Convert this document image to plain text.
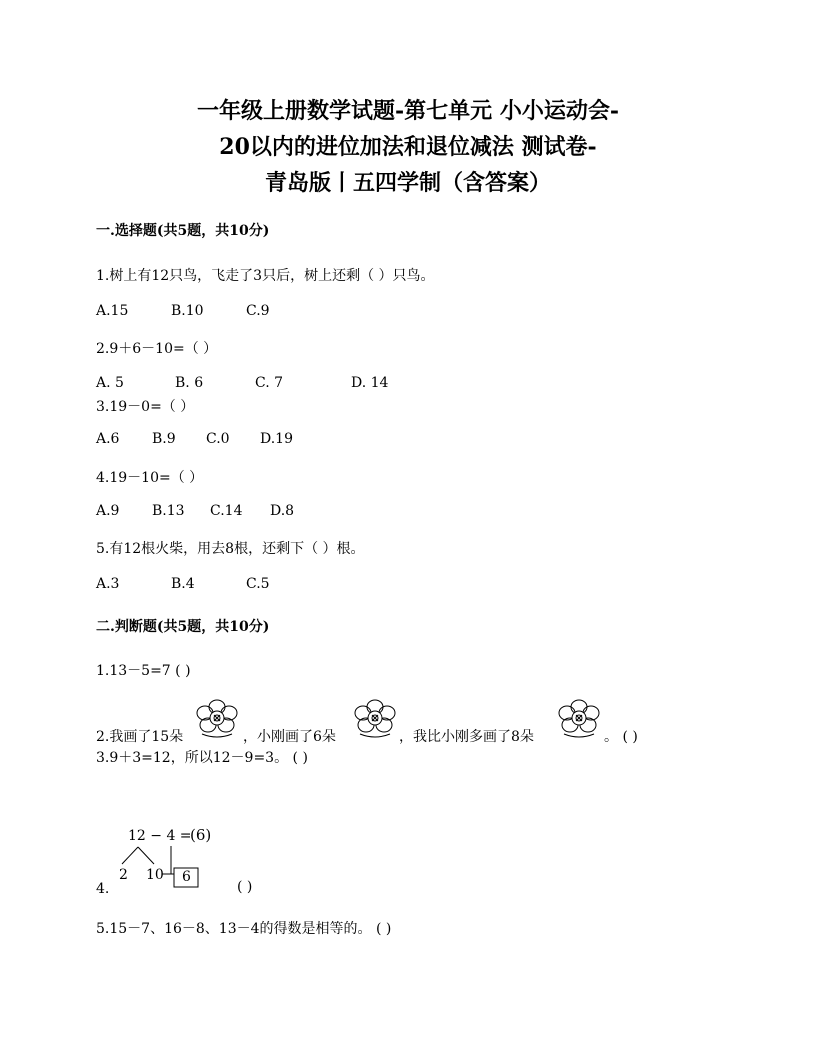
一年级上册数学试题-第七单元 小小运动会-
20以内的进位加法和退位减法 测试卷-
青岛版丨五四学制（含答案）
一.选择题(共5题，共10分)
1.树上有12只鸟，飞走了3只后，树上还剩（ ）只鸟。
A.15	B.10	C.9
2.9＋6－10=（ ）
A. 5	B. 6	C. 7	D. 14
3.19－0=（ ）
A.6 B.9 C.0 D.19
4.19－10=（ ）
A.9 B.13 C.14 D.8
5.有12根火柴，用去8根，还剩下（ ）根。
A.3	B.4	C.5
二.判断题(共5题，共10分)
1.13－5=7 ( )
2.我画了15朵	，小刚画了6朵	，我比小刚多画了8朵	。 ( )
3.9＋3=12，所以12－9=3。 ( )
12 − 4 =
(6)
2 10 6
4.	( )
5.15－7、16－8、13－4的得数是相等的。 ( )
